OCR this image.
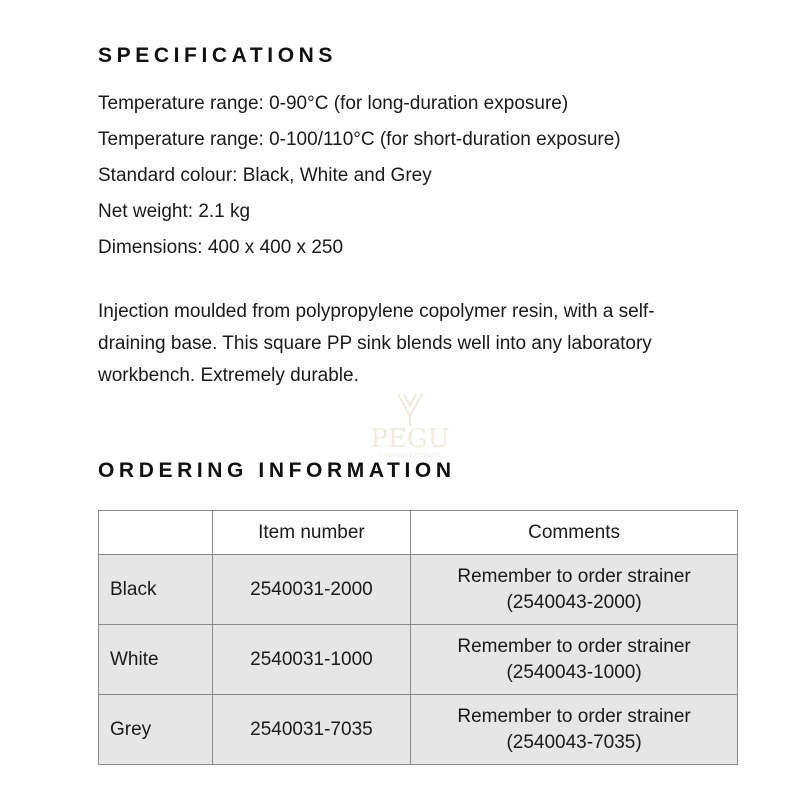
SPECIFICATIONS
Temperature range: 0-90°C (for long-duration exposure)
Temperature range: 0-100/110°C (for short-duration exposure)
Standard colour: Black, White and Grey
Net weight: 2.1 kg
Dimensions: 400 x 400 x 250

Injection moulded from polypropylene copolymer resin, with a self-draining base. This square PP sink blends well into any laboratory workbench. Extremely durable.

PEGU
Laboratory Products
ORDERING INFORMATION
	Item number	Comments
Black	2540031-2000	Remember to order strainer
(2540043-2000)

White	2540031-1000	Remember to order strainer
(2540043-1000)

Grey	2540031-7035	Remember to order strainer
(2540043-7035)
